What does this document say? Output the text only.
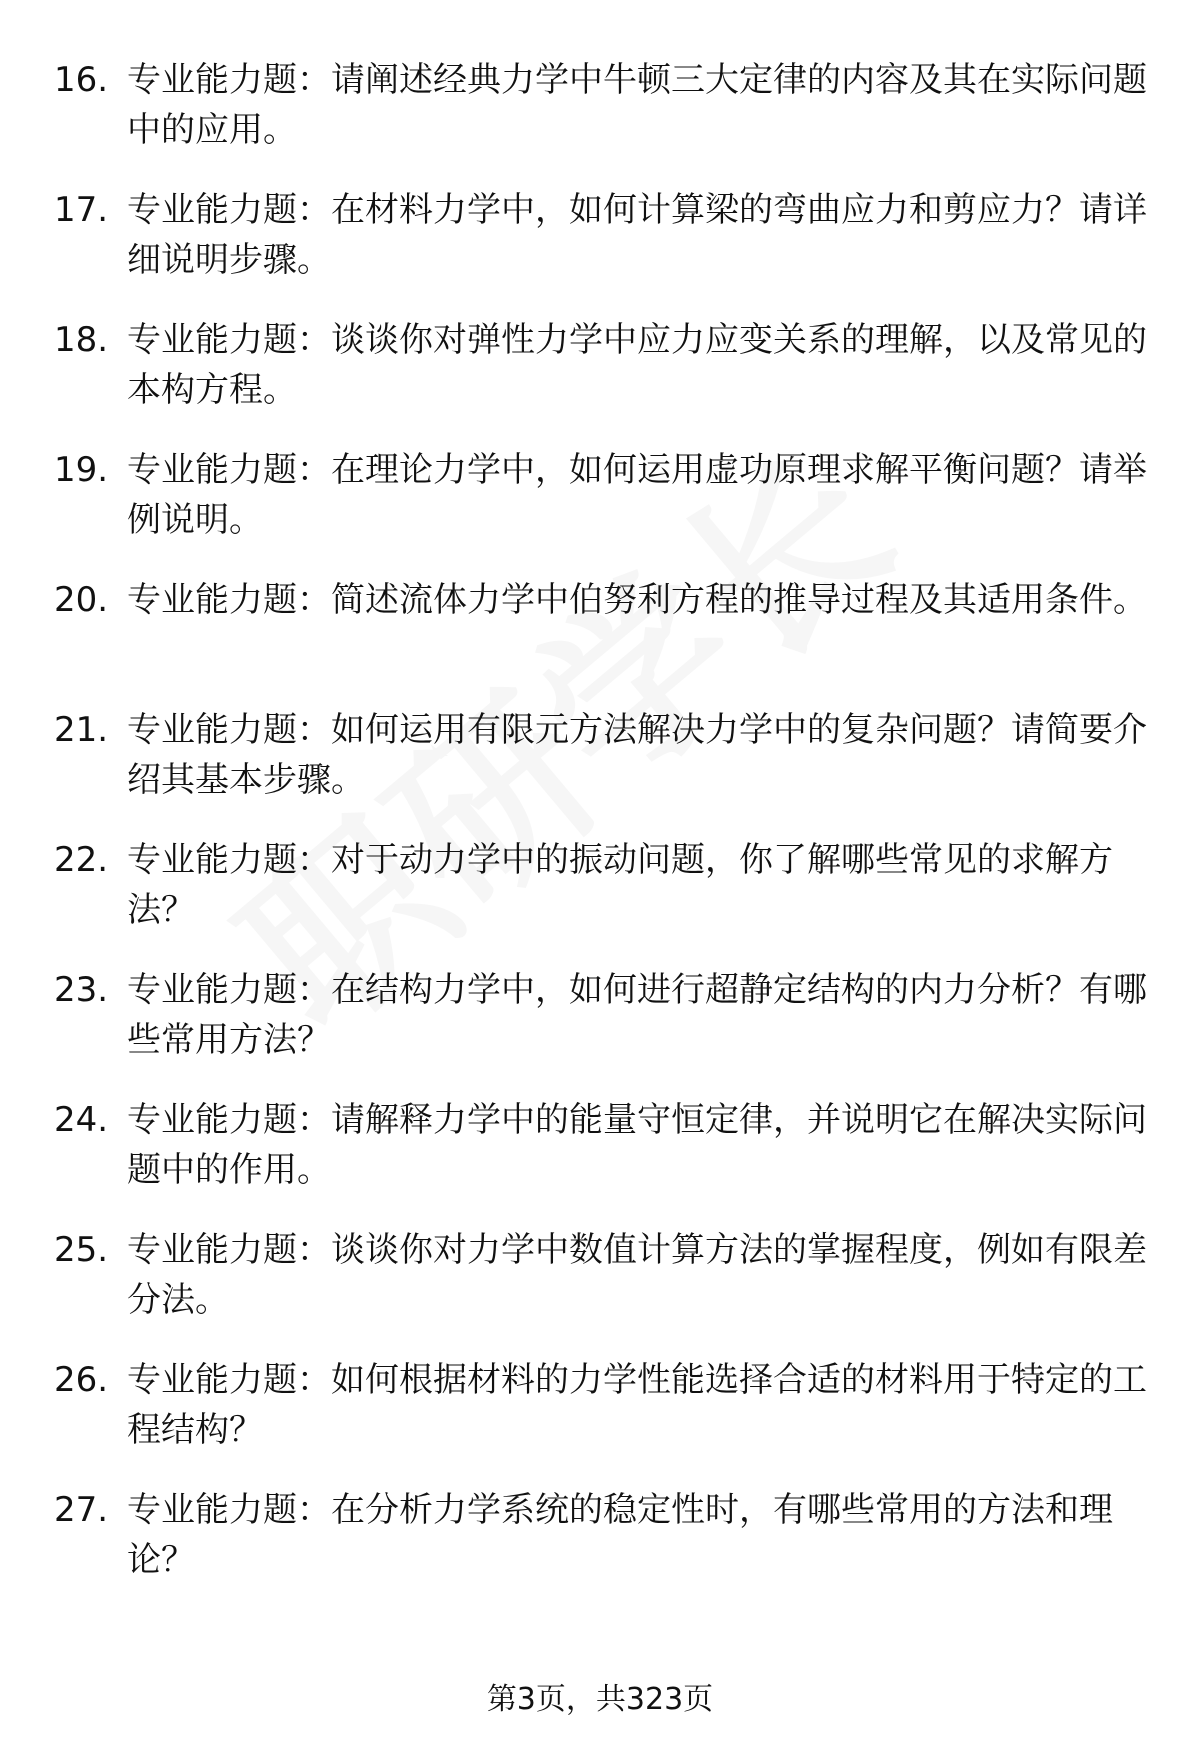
16. 专业能力题：请阐述经典力学中牛顿三大定律的内容及其在实际问题中的应用。
17. 专业能力题：在材料力学中，如何计算梁的弯曲应力和剪应力？请详细说明步骤。
18. 专业能力题：谈谈你对弹性力学中应力应变关系的理解，以及常见的本构方程。
19. 专业能力题：在理论力学中，如何运用虚功原理求解平衡问题？请举例说明。
20. 专业能力题：简述流体力学中伯努利方程的推导过程及其适用条件。
21. 专业能力题：如何运用有限元方法解决力学中的复杂问题？请简要介绍其基本步骤。
22. 专业能力题：对于动力学中的振动问题，你了解哪些常见的求解方法？
23. 专业能力题：在结构力学中，如何进行超静定结构的内力分析？有哪些常用方法？
24. 专业能力题：请解释力学中的能量守恒定律，并说明它在解决实际问题中的作用。
25. 专业能力题：谈谈你对力学中数值计算方法的掌握程度，例如有限差分法。
26. 专业能力题：如何根据材料的力学性能选择合适的材料用于特定的工程结构？
27. 专业能力题：在分析力学系统的稳定性时，有哪些常用的方法和理论？
第3页，共323页
